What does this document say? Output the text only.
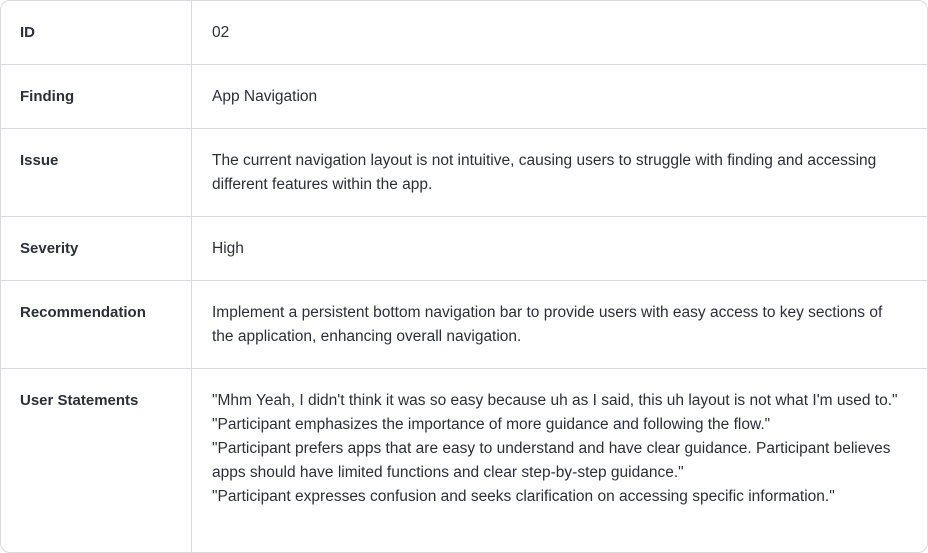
ID	02
Finding	App Navigation
Issue	The current navigation layout is not intuitive, causing users to struggle with finding and accessing different features within the app.
Severity	High
Recommendation	Implement a persistent bottom navigation bar to provide users with easy access to key sections of the application, enhancing overall navigation.
User Statements	"Mhm Yeah, I didn't think it was so easy because uh as I said, this uh layout is not what I'm used to."
"Participant emphasizes the importance of more guidance and following the flow."
"Participant prefers apps that are easy to understand and have clear guidance. Participant believes apps should have limited functions and clear step-by-step guidance."
"Participant expresses confusion and seeks clarification on accessing specific information."
